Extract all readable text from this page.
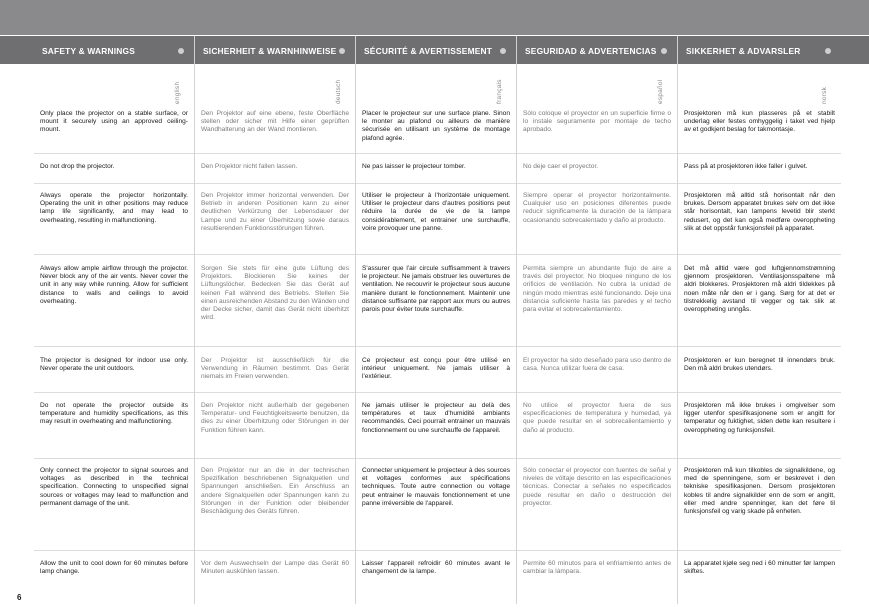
SAFETY & WARNINGS
english
Only place the projector on a stable surface, or mount it securely using an approved ceiling-mount.
Do not drop the projector.
Always operate the projector horizontally. Operating the unit in other positions may reduce lamp life significantly, and may lead to overheating, resulting in malfunctioning.
Always allow ample airflow through the projector. Never block any of the air vents. Never cover the unit in any way while running. Allow for sufficient distance to walls and ceilings to avoid overheating.
The projector is designed for indoor use only. Never operate the unit outdoors.
Do not operate the projector outside its temperature and humidity specifications, as this may result in overheating and malfunctioning.
Only connect the projector to signal sources and voltages as described in the technical specification. Connecting to unspecified signal sources or voltages may lead to malfunction and permanent damage of the unit.
Allow the unit to cool down for 60 minutes before lamp change.
SICHERHEIT & WARNHINWEISE
deutsch
Den Projektor auf eine ebene, feste Oberfläche stellen oder sicher mit Hilfe einer geprüften Wandhalterung an der Wand montieren.
Den Projektor nicht fallen lassen.
Den Projektor immer horizontal verwenden. Der Betrieb in anderen Positionen kann zu einer deutlichen Verkürzung der Lebensdauer der Lampe und zu einer Überhitzung sowie daraus resultierenden Funktionsstörungen führen.
Sorgen Sie stets für eine gute Lüftung des Projektors. Blockieren Sie keines der Lüftungslöcher. Bedecken Sie das Gerät auf keinen Fall während des Betriebs. Stellen Sie einen ausreichenden Abstand zu den Wänden und der Decke sicher, damit das Gerät nicht überhitzt wird.
Der Projektor ist ausschließlich für die Verwendung in Räumen bestimmt. Das Gerät niemals im Freien verwenden.
Den Projektor nicht außerhalb der gegebenen Temperatur- und Feuchtigkeitswerte benutzen, da dies zu einer Überhitzung oder Störungen in der Funktion führen kann.
Den Projektor nur an die in der technischen Spezifikation beschriebenen Signalquellen und Spannungen anschließen. Ein Anschluss an andere Signalquellen oder Spannungen kann zu Störungen in der Funktion oder bleibender Beschädigung des Geräts führen.
Vor dem Auswechseln der Lampe das Gerät 60 Minuten auskühlen lassen.
SÉCURITÉ & AVERTISSEMENT
français
Placer le projecteur sur une surface plane. Sinon le monter au plafond ou ailleurs de manière sécurisée en utilisant un système de montage plafond agrée.
Ne pas laisser le projecteur tomber.
Utiliser le projecteur à l'horizontale uniquement. Utiliser le projecteur dans d'autres positions peut réduire la durée de vie de la lampe considérablement, et entrainer une surchauffe, voire provoquer une panne.
S'assurer que l'air circule suffisamment à travers le projecteur. Ne jamais obstruer les ouvertures de ventilation. Ne recouvrir le projecteur sous aucune manière durant le fonctionnement. Maintenir une distance suffisante par rapport aux murs ou autres parois pour éviter toute surchauffe.
Ce projecteur est conçu pour être utilisé en intérieur uniquement. Ne jamais utiliser à l'extérieur.
Ne jamais utiliser le projecteur au delà des températures et taux d'humidité ambiants recommandés. Ceci pourrait entrainer un mauvais fonctionnement ou une surchauffe de l'appareil.
Connecter uniquement le projecteur à des sources et voltages conformes aux spécifications techniques. Toute autre connection ou voltage peut entrainer le mauvais fonctionnement et une panne irréversible de l'appareil.
Laisser l'appareil refroidir 60 minutes avant le changement de la lampe.
SEGURIDAD & ADVERTENCIAS
español
Sólo coloque el proyector en un superficie firme o lo instale seguramente por montaje de techo aprobado.
No deje caer el proyector.
Siempre operar el proyector horizontalmente. Cualquier uso en posiciones diferentes puede reducir significamente la duración de la lámpara ocasionando sobrecalentado y daño al producto.
Permita siempre un abundante flujo de aire a través del proyector. No bloquee ninguno de los orificios de ventilación. No cubra la unidad de ningún modo mientras esté funcionando. Deje una distancia suficiente hasta las paredes y el techo para evitar el sobrecalentamiento.
El proyector ha sido deseñado para uso dentro de casa. Nunca utilizar fuera de casa.
No utilice el proyector fuera de sus especificaciones de temperatura y humedad, ya que puede resultar en el sobrecalientamiento y daño al producto.
Sólo conectar el proyector con fuentes de señal y niveles de vóltaje descrito en las especificaciones técnicas. Conectar a señales no especificados puede resultar en daño o destrucción del proyector.
Permite 60 minutos para el enfriamiento antes de cambiar la lámpara.
SIKKERHET & ADVARSLER
norsk
Prosjektoren må kun plasseres på et stabilt underlag eller festes omhyggelig i taket ved hjelp av et godkjent beslag for takmontasje.
Pass på at prosjektoren ikke faller i gulvet.
Prosjektoren må alltid stå horisontalt når den brukes. Dersom apparatet brukes selv om det ikke står horisontalt, kan lampens levetid blir sterkt redusert, og det kan også medføre overoppheting slik at det oppstår funksjonsfeil på apparatet.
Det må alltid være god luftgjennomstrømning gjennom prosjektoren. Ventilasjonsspaltene må aldri blokkeres. Prosjektoren må aldri tildekkes på noen måte når den er i gang. Sørg for at det er tilstrekkelig avstand til vegger og tak slik at overoppheting unngås.
Prosjektoren er kun beregnet til innendørs bruk. Den må aldri brukes utendørs.
Prosjektoren må ikke brukes i omgivelser som ligger utenfor spesifikasjonene som er angitt for temperatur og fuktighet, siden dette kan resultere i overoppheting og funksjonsfeil.
Prosjektoren må kun tilkobles de signalkildene, og med de spenningene, som er beskrevet i den tekniske spesifikasjonen. Dersom prosjektoren kobles til andre signalkilder enn de som er angitt, eller med andre spenninger, kan det føre til funksjonsfeil og varig skade på enheten.
La apparatet kjøle seg ned i 60 minutter før lampen skiftes.
6
